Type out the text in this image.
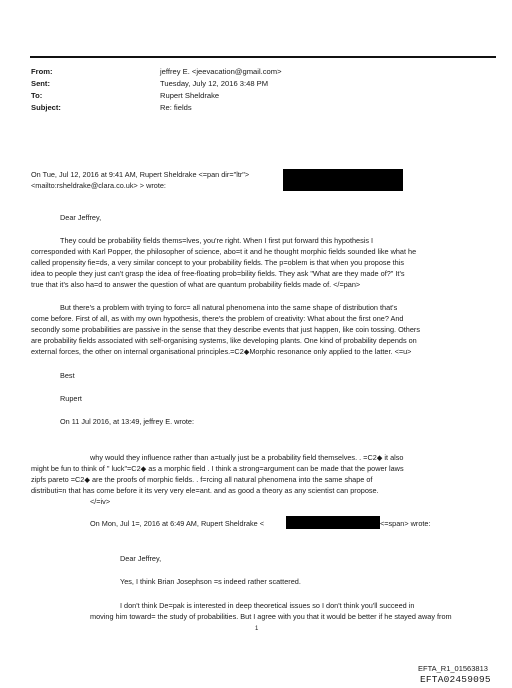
From:	jeffrey E. <jeevacation@gmail.com>
Sent:	Tuesday, July 12, 2016 3:48 PM
To:	Rupert Sheldrake
Subject:	Re: fields
On Tue, Jul 12, 2016 at 9:41 AM, Rupert Sheldrake <=pan dir="ltr">
<mailto:rsheldrake@clara.co.uk> > wrote:
Dear Jeffrey,
They could be probability fields thems=lves, you're right. When I first put forward this hypothesis I
corresponded with Karl Popper, the philosopher of science, abo=t it and he thought morphic fields sounded like what he
called propensity fie=ds, a very similar concept to your probability fields. The p=oblem is that when you propose this
idea to people they just can't grasp the idea of free-floating prob=bility fields. They ask "What are they made of?" It's
true that it's also ha=d to answer the question of what are quantum probability fields made of. </=pan>
But there's a problem with trying to forc= all natural phenomena into the same shape of distribution that's
come before. First of all, as with my own hypothesis, there's the problem of creativity: What about the first one? And
secondly some probabilities are passive in the sense that they describe events that just happen, like coin tossing. Others
are probability fields associated with self-organising systems, like developing plants. One kind of probability depends on
external forces, the other on internal organisational principles.=C2◆Morphic resonance only applied to the latter. <=u>
Best
Rupert
On 11 Jul 2016, at 13:49, jeffrey E. wrote:
why would they influence rather than a=tually just be a probability field themselves. . =C2◆ it also
might be fun to think of " luck"=C2◆ as a morphic field . I think a strong=argument can be made that the power laws
zipfs pareto =C2◆ are the proofs of morphic fields. . f=rcing all natural phenomena into the same shape of
distributi=n that has come before it its very very ele=ant. and as good a theory as any scientist can propose.
</=iv>
On Mon, Jul 1=, 2016 at 6:49 AM, Rupert Sheldrake <	<=span> wrote:
Dear Jeffrey,
Yes, I think Brian Josephson =s indeed rather scattered.
I don't think De=pak is interested in deep theoretical issues so I don't think you'll succeed in
moving him toward= the study of probabilities. But I agree with you that it would be better if he stayed away from
1
EFTA_R1_01563813
EFTA02459095
